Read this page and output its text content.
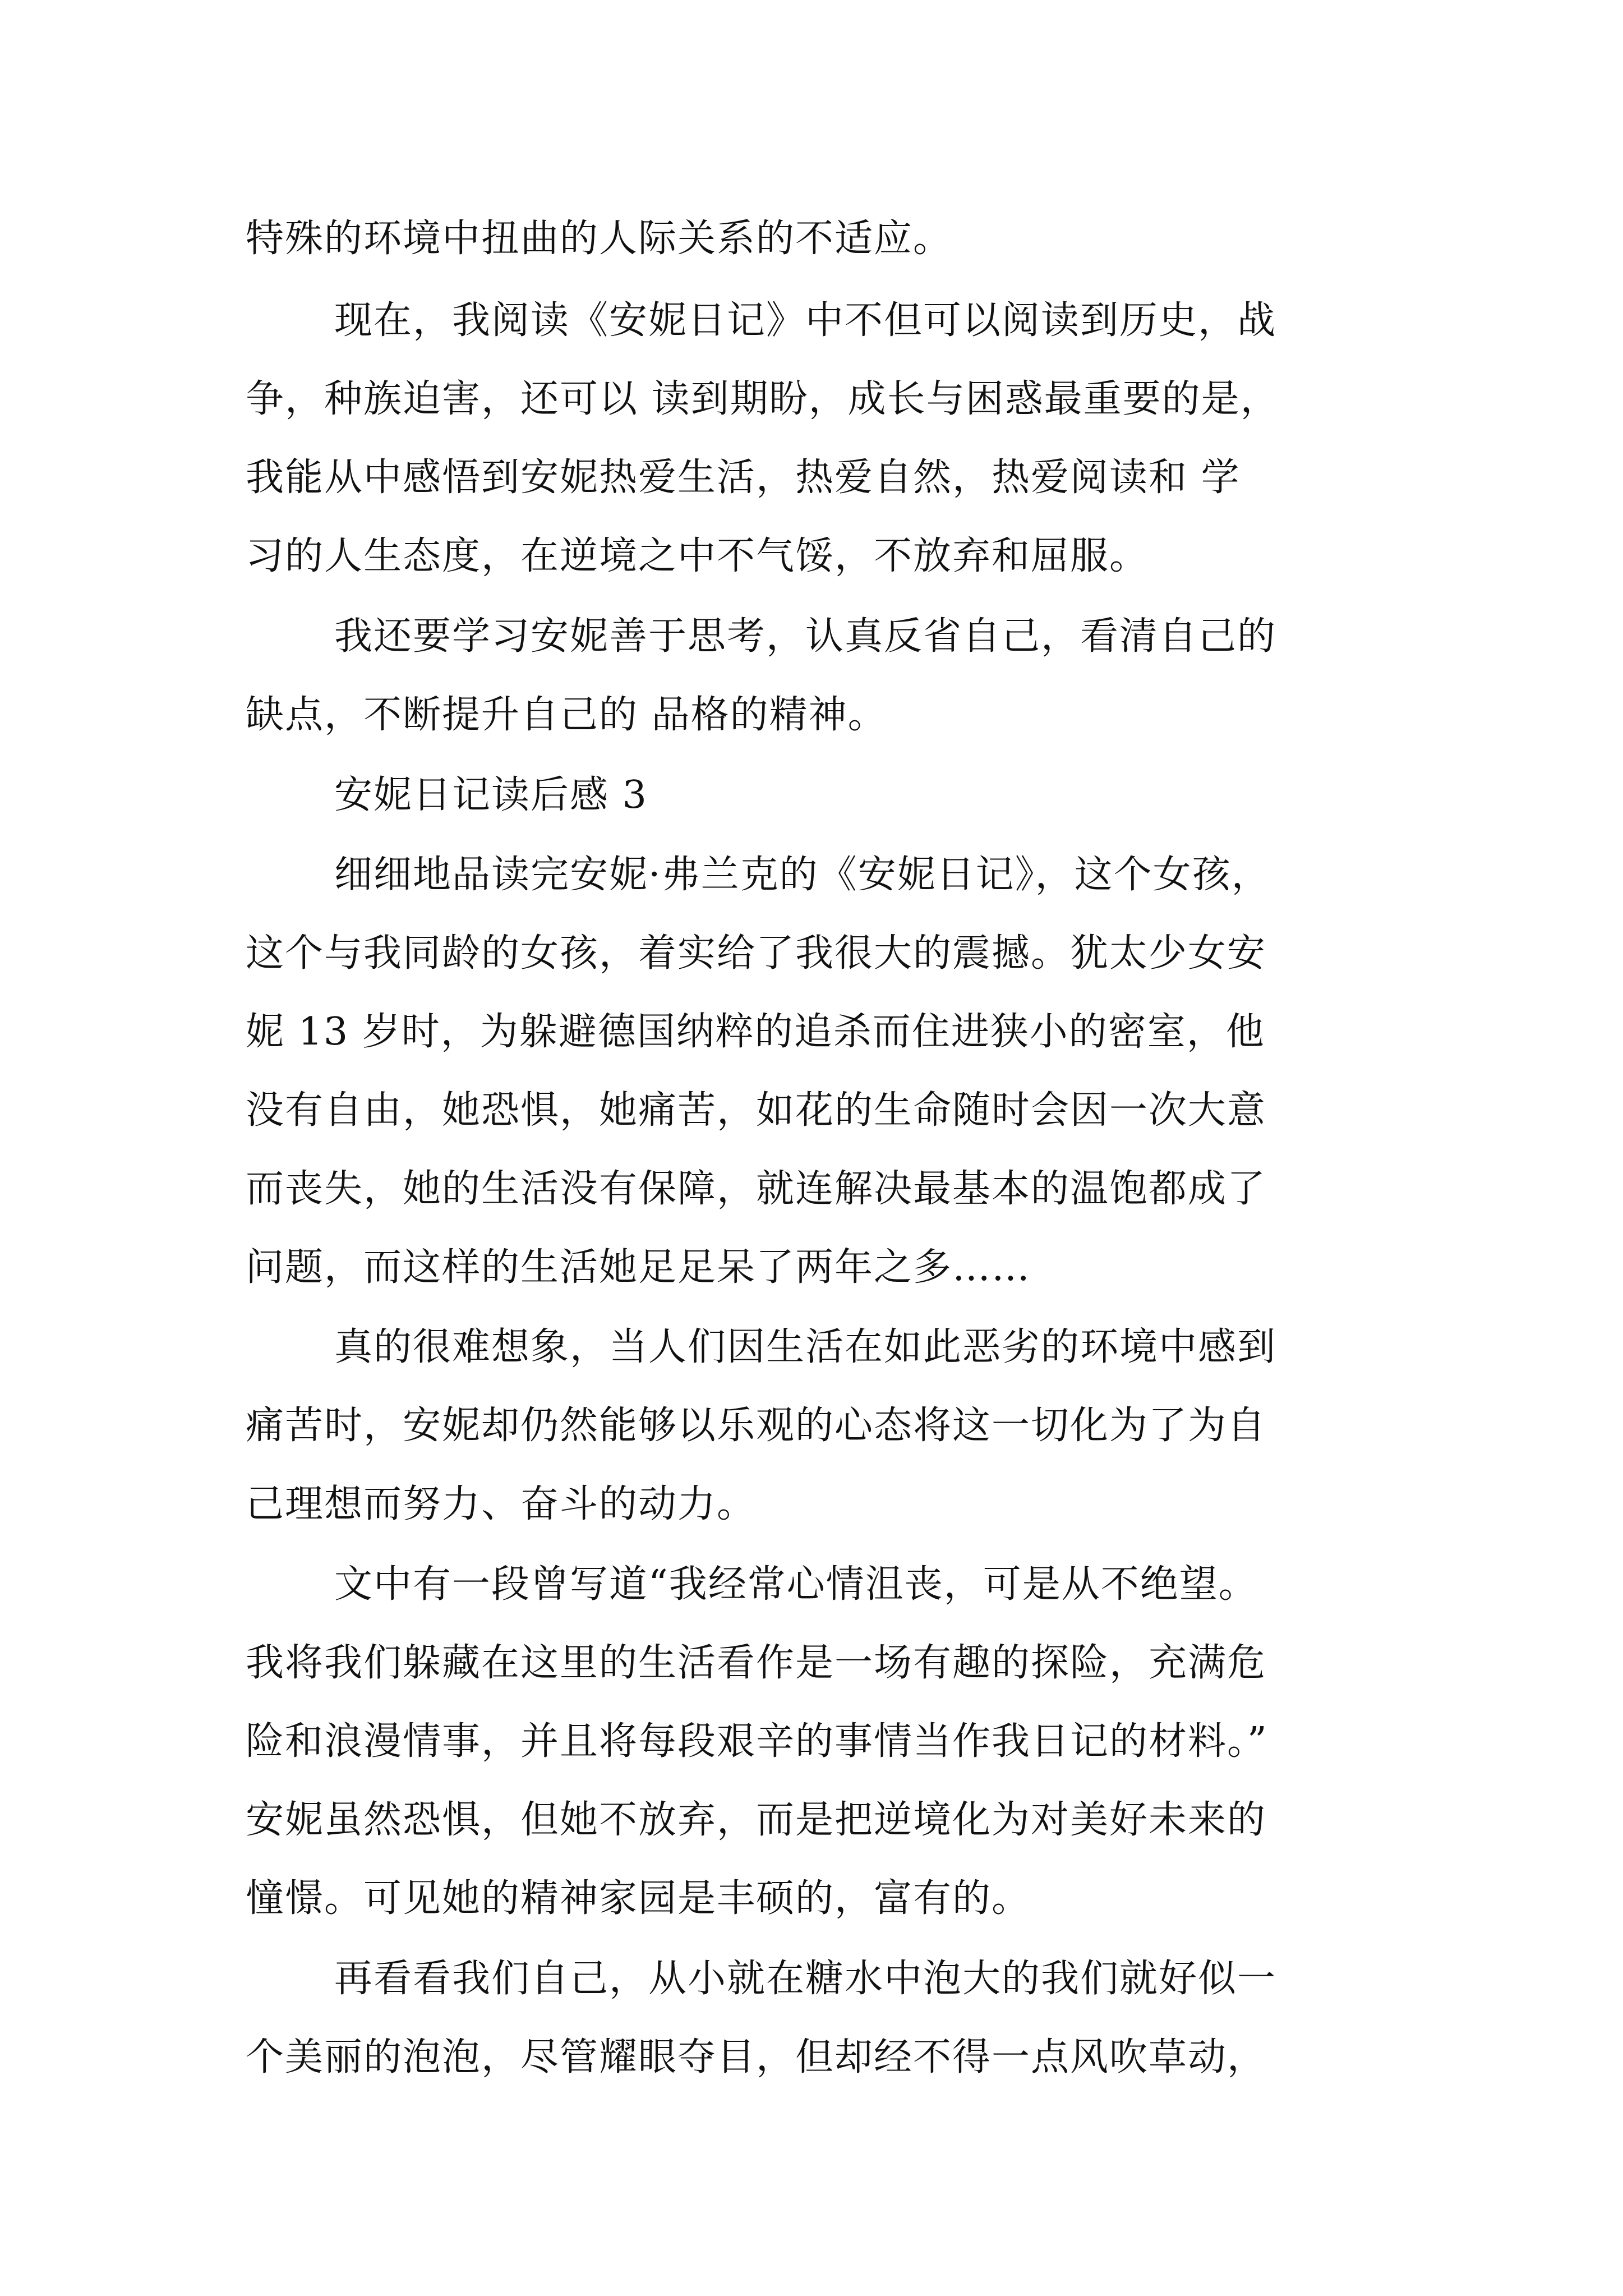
特殊的环境中扭曲的人际关系的不适应。
现在，我阅读《安妮日记》中不但可以阅读到历史，战
争，种族迫害，还可以 读到期盼，成长与困惑最重要的是，
我能从中感悟到安妮热爱生活，热爱自然，热爱阅读和 学
习的人生态度，在逆境之中不气馁，不放弃和屈服。
我还要学习安妮善于思考，认真反省自己，看清自己的
缺点，不断提升自己的 品格的精神。
安妮日记读后感 3
细细地品读完安妮·弗兰克的《安妮日记》，这个女孩，
这个与我同龄的女孩，着实给了我很大的震撼。犹太少女安
妮 13 岁时，为躲避德国纳粹的追杀而住进狭小的密室，他
没有自由，她恐惧，她痛苦，如花的生命随时会因一次大意
而丧失，她的生活没有保障，就连解决最基本的温饱都成了
问题，而这样的生活她足足呆了两年之多……
真的很难想象，当人们因生活在如此恶劣的环境中感到
痛苦时，安妮却仍然能够以乐观的心态将这一切化为了为自
己理想而努力、奋斗的动力。
文中有一段曾写道“我经常心情沮丧，可是从不绝望。
我将我们躲藏在这里的生活看作是一场有趣的探险，充满危
险和浪漫情事，并且将每段艰辛的事情当作我日记的材料。”
安妮虽然恐惧，但她不放弃，而是把逆境化为对美好未来的
憧憬。可见她的精神家园是丰硕的，富有的。
再看看我们自己，从小就在糖水中泡大的我们就好似一
个美丽的泡泡，尽管耀眼夺目，但却经不得一点风吹草动，
